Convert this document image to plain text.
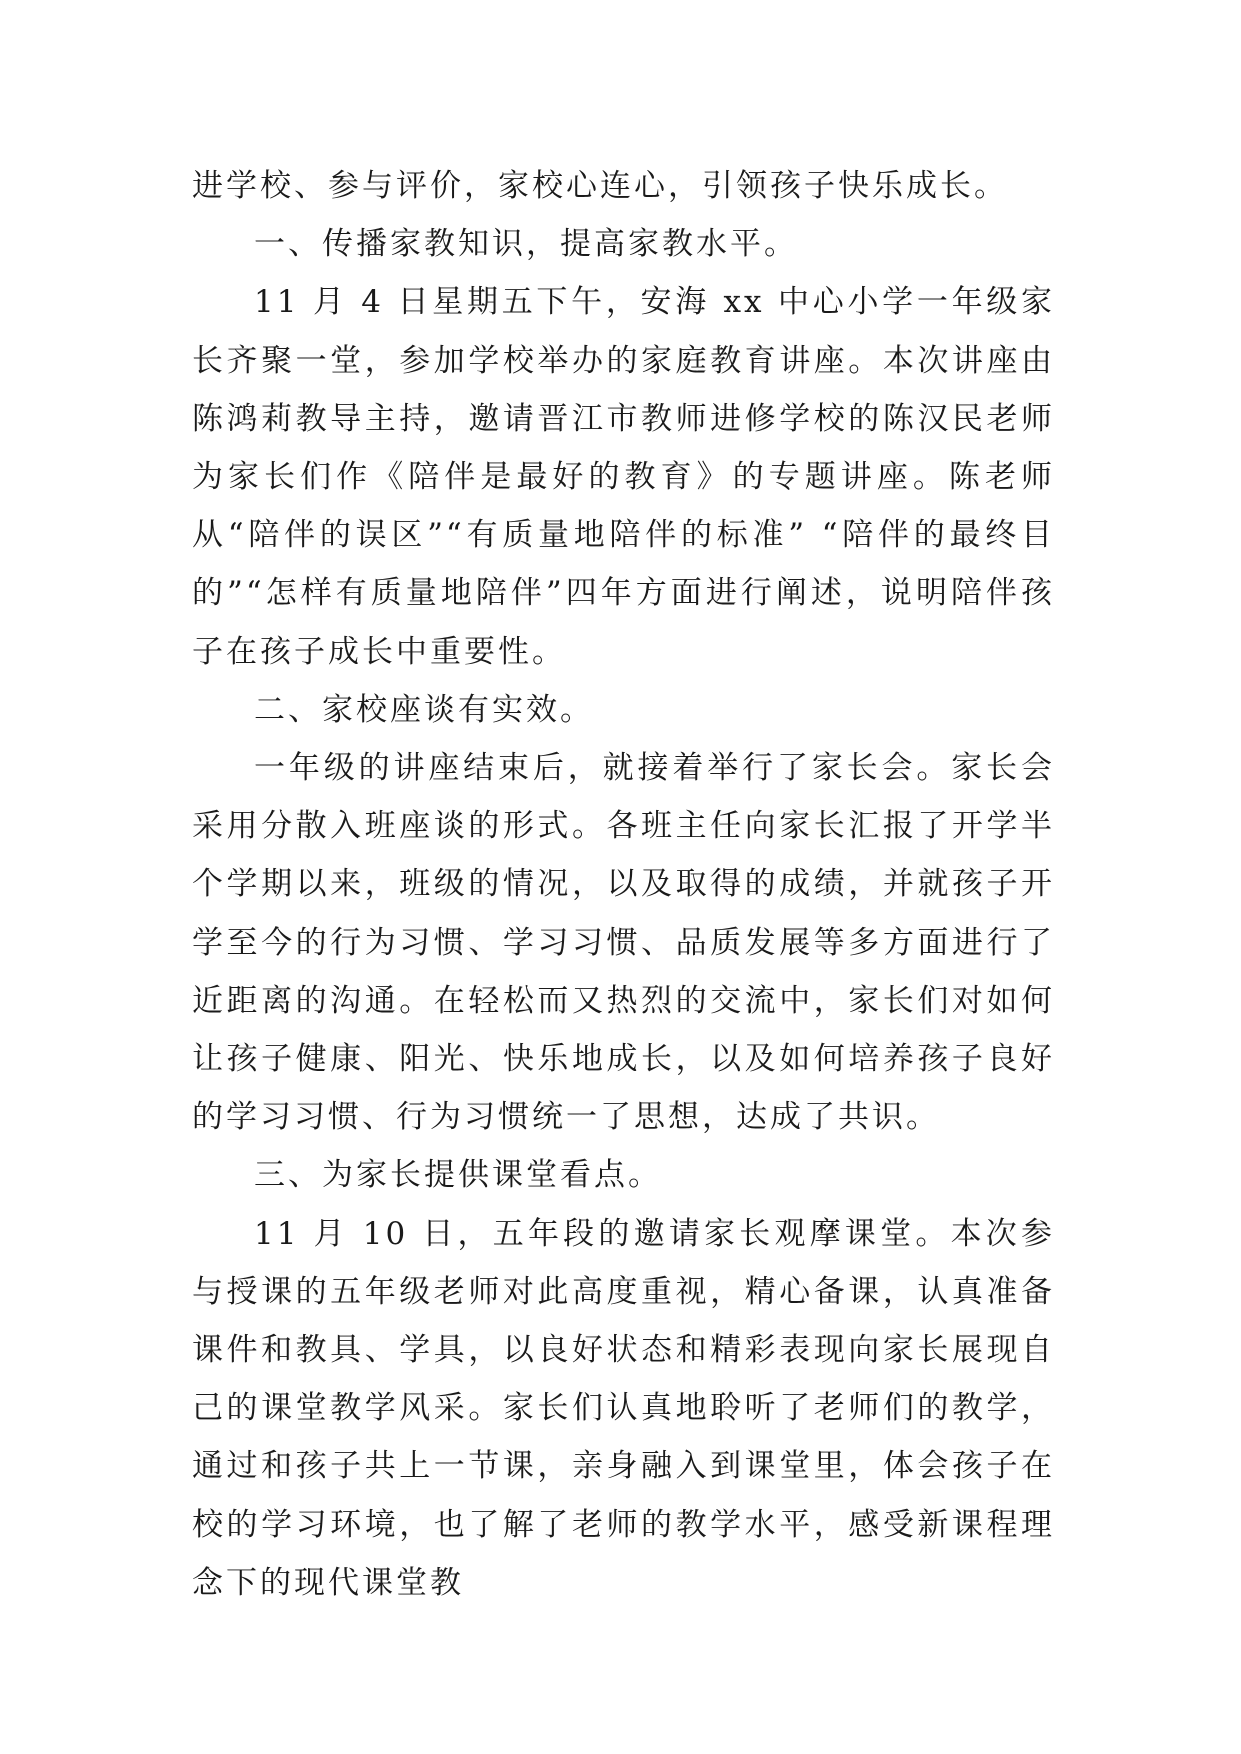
进学校、参与评价，家校心连心，引领孩子快乐成长。

一、传播家教知识，提高家教水平。

11 月 4 日星期五下午，安海 xx 中心小学一年级家长齐聚一堂，参加学校举办的家庭教育讲座。本次讲座由陈鸿莉教导主持，邀请晋江市教师进修学校的陈汉民老师为家长们作《陪伴是最好的教育》的专题讲座。陈老师从“陪伴的误区”“有质量地陪伴的标准” “陪伴的最终目的”“怎样有质量地陪伴”四年方面进行阐述，说明陪伴孩子在孩子成长中重要性。

二、家校座谈有实效。

一年级的讲座结束后，就接着举行了家长会。家长会采用分散入班座谈的形式。各班主任向家长汇报了开学半个学期以来，班级的情况，以及取得的成绩，并就孩子开学至今的行为习惯、学习习惯、品质发展等多方面进行了近距离的沟通。在轻松而又热烈的交流中，家长们对如何让孩子健康、阳光、快乐地成长，以及如何培养孩子良好的学习习惯、行为习惯统一了思想，达成了共识。

三、为家长提供课堂看点。

11 月 10 日，五年段的邀请家长观摩课堂。本次参与授课的五年级老师对此高度重视，精心备课，认真准备课件和教具、学具，以良好状态和精彩表现向家长展现自己的课堂教学风采。家长们认真地聆听了老师们的教学，通过和孩子共上一节课，亲身融入到课堂里，体会孩子在校的学习环境，也了解了老师的教学水平，感受新课程理念下的现代课堂教
